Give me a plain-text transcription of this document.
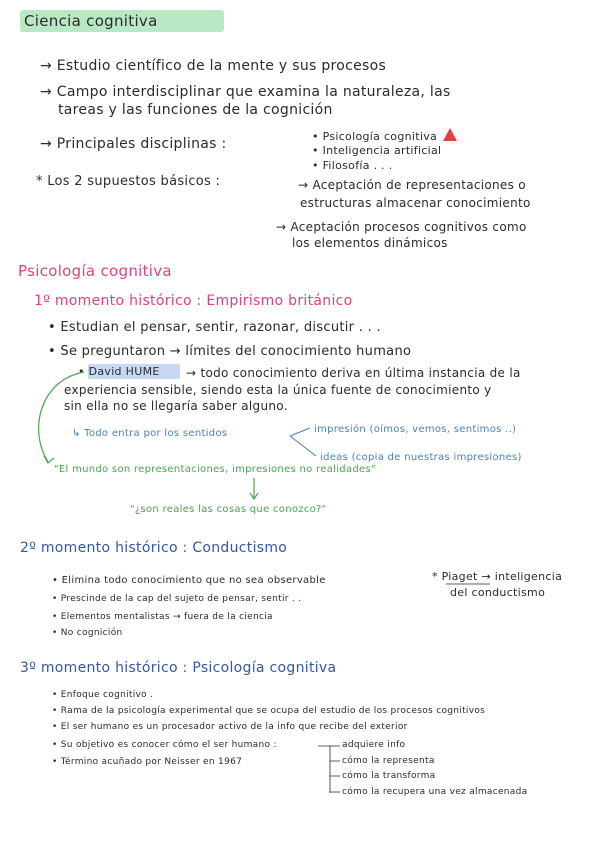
Ciencia cognitiva
→ Estudio científico de la mente y sus procesos
→ Campo interdisciplinar que examina la naturaleza, las
tareas y las funciones de la cognición
→ Principales disciplinas :	• Psicología cognitiva
• Inteligencia artificial
• Filosofía . . .
* Los 2 supuestos básicos :	→ Aceptación de representaciones o
estructuras almacenar conocimiento
→ Aceptación procesos cognitivos como
los elementos dinámicos
Psicología cognitiva
1º momento histórico : Empirismo británico
• Estudian el pensar, sentir, razonar, discutir . . .
• Se preguntaron → límites del conocimiento humano
• David HUME → todo conocimiento deriva en última instancia de la
experiencia sensible, siendo esta la única fuente de conocimiento y
sin ella no se llegaría saber alguno.
↳ Todo entra por los sentidos	impresión (oímos, vemos, sentimos ..)
ideas (copia de nuestras impresiones)
"El mundo son representaciones, impresiones no realidades"
"¿son reales las cosas que conozco?"
2º momento histórico : Conductismo
• Elimina todo conocimiento que no sea observable
• Prescinde de la cap del sujeto de pensar, sentir . .
• Elementos mentalistas → fuera de la ciencia
• No cognición
* Piaget → inteligencia
del conductismo
3º momento histórico : Psicología cognitiva
• Enfoque cognitivo .
• Rama de la psicología experimental que se ocupa del estudio de los procesos cognitivos
• El ser humano es un procesador activo de la info que recibe del exterior
• Su objetivo es conocer cómo el ser humano :
• Término acuñado por Neisser en 1967
adquiere info
cómo la representa
cómo la transforma
cómo la recupera una vez almacenada
